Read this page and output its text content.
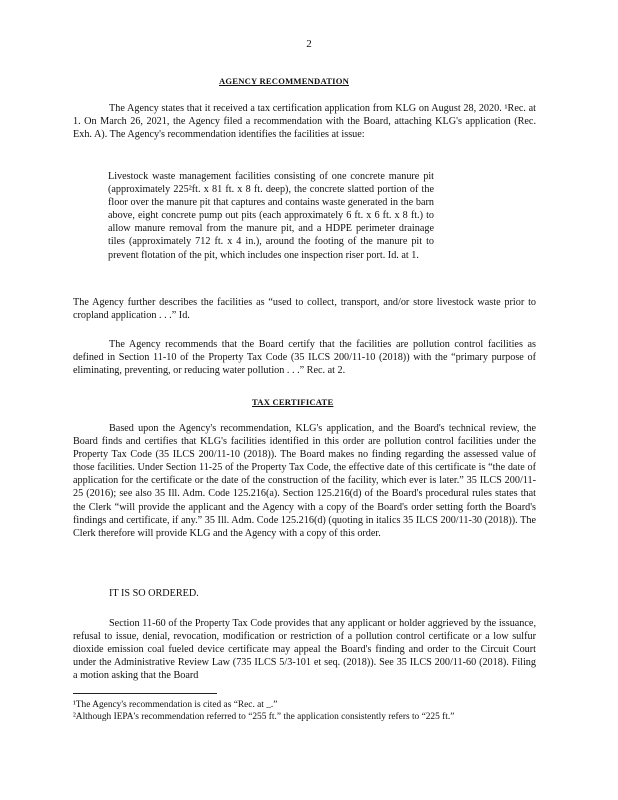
2
AGENCY RECOMMENDATION
The Agency states that it received a tax certification application from KLG on August 28, 2020. ¹Rec. at 1. On March 26, 2021, the Agency filed a recommendation with the Board, attaching KLG's application (Rec. Exh. A). The Agency's recommendation identifies the facilities at issue:
Livestock waste management facilities consisting of one concrete manure pit (approximately 225²ft. x 81 ft. x 8 ft. deep), the concrete slatted portion of the floor over the manure pit that captures and contains waste generated in the barn above, eight concrete pump out pits (each approximately 6 ft. x 6 ft. x 8 ft.) to allow manure removal from the manure pit, and a HDPE perimeter drainage tiles (approximately 712 ft. x 4 in.), around the footing of the manure pit to prevent flotation of the pit, which includes one inspection riser port. Id. at 1.
The Agency further describes the facilities as “used to collect, transport, and/or store livestock waste prior to cropland application . . .” Id.
The Agency recommends that the Board certify that the facilities are pollution control facilities as defined in Section 11-10 of the Property Tax Code (35 ILCS 200/11-10 (2018)) with the “primary purpose of eliminating, preventing, or reducing water pollution . . .” Rec. at 2.
TAX CERTIFICATE
Based upon the Agency's recommendation, KLG's application, and the Board's technical review, the Board finds and certifies that KLG's facilities identified in this order are pollution control facilities under the Property Tax Code (35 ILCS 200/11-10 (2018)). The Board makes no finding regarding the assessed value of those facilities. Under Section 11-25 of the Property Tax Code, the effective date of this certificate is “the date of application for the certificate or the date of the construction of the facility, which ever is later.” 35 ILCS 200/11-25 (2016); see also 35 Ill. Adm. Code 125.216(a). Section 125.216(d) of the Board's procedural rules states that the Clerk “will provide the applicant and the Agency with a copy of the Board's order setting forth the Board's findings and certificate, if any.” 35 Ill. Adm. Code 125.216(d) (quoting in italics 35 ILCS 200/11-30 (2018)). The Clerk therefore will provide KLG and the Agency with a copy of this order.
IT IS SO ORDERED.
Section 11-60 of the Property Tax Code provides that any applicant or holder aggrieved by the issuance, refusal to issue, denial, revocation, modification or restriction of a pollution control certificate or a low sulfur dioxide emission coal fueled device certificate may appeal the Board's finding and order to the Circuit Court under the Administrative Review Law (735 ILCS 5/3-101 et seq. (2018)). See 35 ILCS 200/11-60 (2018). Filing a motion asking that the Board

¹The Agency's recommendation is cited as “Rec. at _.”

²Although IEPA's recommendation referred to “255 ft.” the application consistently refers to “225 ft.”
